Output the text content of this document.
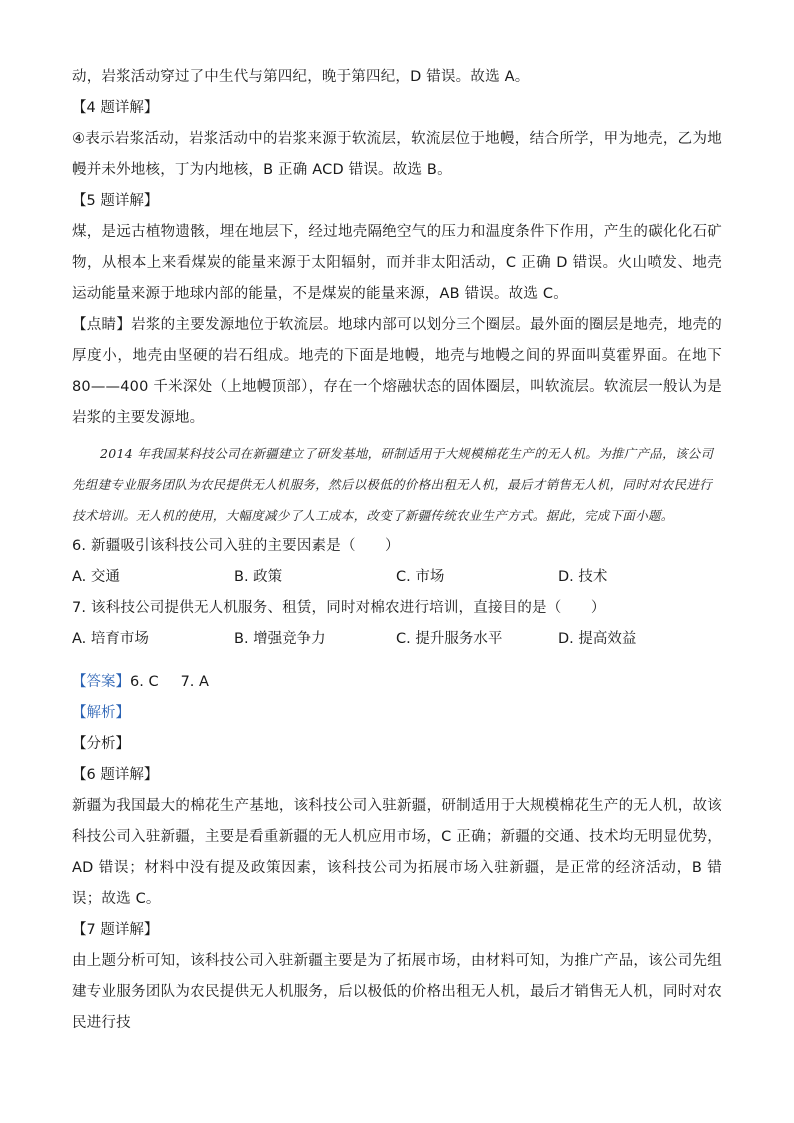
动，岩浆活动穿过了中生代与第四纪，晚于第四纪，D 错误。故选 A。

【4 题详解】

④表示岩浆活动，岩浆活动中的岩浆来源于软流层，软流层位于地幔，结合所学，甲为地壳，乙为地幔并未外地核，丁为内地核，B 正确 ACD 错误。故选 B。

【5 题详解】

煤，是远古植物遗骸，埋在地层下，经过地壳隔绝空气的压力和温度条件下作用，产生的碳化化石矿物，从根本上来看煤炭的能量来源于太阳辐射，而并非太阳活动，C 正确 D 错误。火山喷发、地壳运动能量来源于地球内部的能量，不是煤炭的能量来源，AB 错误。故选 C。

【点睛】岩浆的主要发源地位于软流层。地球内部可以划分三个圈层。最外面的圈层是地壳，地壳的厚度小，地壳由坚硬的岩石组成。地壳的下面是地幔，地壳与地幔之间的界面叫莫霍界面。在地下 80——400 千米深处（上地幔顶部），存在一个熔融状态的固体圈层，叫软流层。软流层一般认为是岩浆的主要发源地。

2014 年我国某科技公司在新疆建立了研发基地，研制适用于大规模棉花生产的无人机。为推广产品，该公司先组建专业服务团队为农民提供无人机服务，然后以极低的价格出租无人机，最后才销售无人机，同时对农民进行技术培训。无人机的使用，大幅度减少了人工成本，改变了新疆传统农业生产方式。据此，完成下面小题。

6. 新疆吸引该科技公司入驻的主要因素是（　　）

A. 交通	B. 政策	C. 市场	D. 技术

7. 该科技公司提供无人机服务、租赁，同时对棉农进行培训，直接目的是（　　）

A. 培育市场	B. 增强竞争力	C. 提升服务水平	D. 提高效益
【答案】6. C 7. A

【解析】

【分析】

【6 题详解】

新疆为我国最大的棉花生产基地，该科技公司入驻新疆，研制适用于大规模棉花生产的无人机，故该科技公司入驻新疆，主要是看重新疆的无人机应用市场，C 正确；新疆的交通、技术均无明显优势，AD 错误；材料中没有提及政策因素，该科技公司为拓展市场入驻新疆，是正常的经济活动，B 错误；故选 C。

【7 题详解】

由上题分析可知，该科技公司入驻新疆主要是为了拓展市场，由材料可知，为推广产品，该公司先组建专业服务团队为农民提供无人机服务，后以极低的价格出租无人机，最后才销售无人机，同时对农民进行技
